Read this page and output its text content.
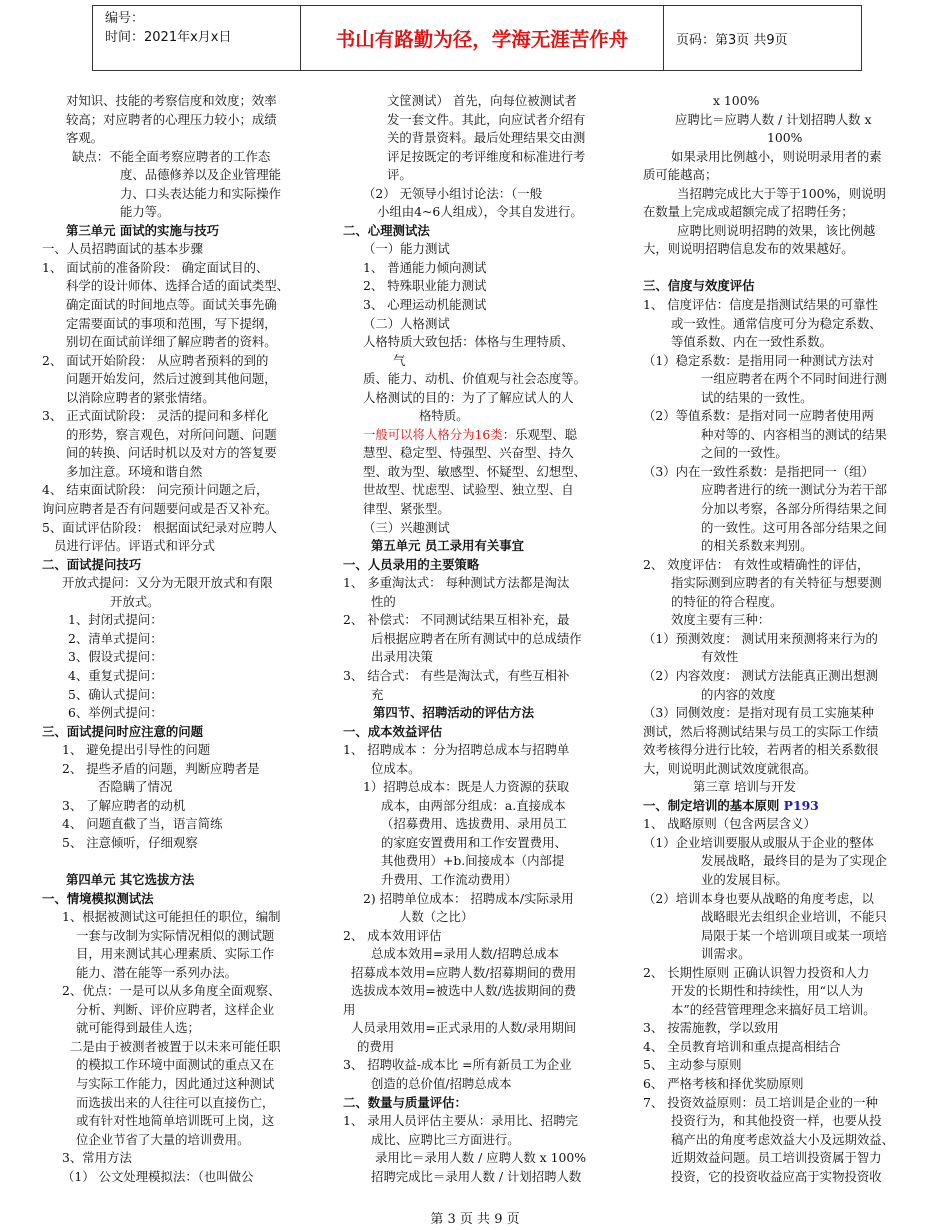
编号：
时间：2021年x月x日	书山有路勤为径，学海无涯苦作舟	页码：第3页 共9页
对知识、技能的考察信度和效度；效率
较高；对应聘者的心理压力较小；成绩
客观。
缺点：不能全面考察应聘者的工作态
度、品德修养以及企业管理能
力、口头表达能力和实际操作
能力等。
第三单元 面试的实施与技巧
一、人员招聘面试的基本步骤
1、 面试前的准备阶段： 确定面试目的、
科学的设计师体、选择合适的面试类型、
确定面试的时间地点等。面试关事先确
定需要面试的事项和范围，写下提纲，
别切在面试前详细了解应聘者的资料。
2、 面试开始阶段： 从应聘者预料的到的
问题开始发问，然后过渡到其他问题，
以消除应聘者的紧张情绪。
3、 正式面试阶段： 灵活的提问和多样化
的形势，察言观色，对所问问题、问题
间的转换、问话时机以及对方的答复要
多加注意。环境和谐自然
4、 结束面试阶段： 问完预计问题之后，
询问应聘者是否有问题要问或是否又补充。
5、面试评估阶段： 根据面试纪录对应聘人
员进行评估。评语式和评分式
二、面试提问技巧
开放式提问：又分为无限开放式和有限
开放式。
1、封闭式提问：
2、清单式提问：
3、假设式提问：
4、重复式提问：
5、确认式提问：
6、举例式提问：
三、面试提问时应注意的问题
1、 避免提出引导性的问题
2、 提些矛盾的问题，判断应聘者是
否隐瞒了情况
3、 了解应聘者的动机
4、 问题直截了当，语言简练
5、 注意倾听，仔细观察
第四单元 其它选拔方法
一、情境模拟测试法
1、根据被测试这可能担任的职位，编制
一套与改制为实际情况相似的测试题
目，用来测试其心理素质、实际工作
能力、潜在能等一系列办法。
2、优点：一是可以从多角度全面观察、
分析、判断、评价应聘者，这样企业
就可能得到最佳人选；
二是由于被测者被置于以未来可能任职
的模拟工作环境中面测试的重点又在
与实际工作能力，因此通过这种测试
而选拔出来的人往往可以直接伤亡，
或有针对性地简单培训既可上岗，这
位企业节省了大量的培训费用。
3、常用方法
（1） 公文处理模拟法：（也叫做公
文筐测试） 首先，向每位被测试者
发一套文件。其此，向应试者介绍有
关的背景资料。最后处理结果交由测
评足按既定的考评维度和标准进行考
评。
（2） 无领导小组讨论法：（一般
小组由4~6人组成），令其自发进行。
二、心理测试法
（一）能力测试
1、 普通能力倾向测试
2、 特殊职业能力测试
3、 心理运动机能测试
（二）人格测试
人格特质大致包括：体格与生理特质、
气
质、能力、动机、价值观与社会态度等。
人格测试的目的：为了了解应试人的人
格特质。
一般可以将人格分为16类：乐观型、聪
慧型、稳定型、恃强型、兴奋型、持久
型、敢为型、敏感型、怀疑型、幻想型、
世故型、忧虑型、试验型、独立型、自
律型、紧张型。
（三）兴趣测试
第五单元 员工录用有关事宜
一、人员录用的主要策略
1、 多重淘汰式： 每种测试方法都是淘汰
性的
2、 补偿式： 不同测试结果互相补充，最
后根据应聘者在所有测试中的总成绩作
出录用决策
3、 结合式： 有些是淘汰式，有些互相补
充
第四节、招聘活动的评估方法
一、成本效益评估
1、 招聘成本 ：分为招聘总成本与招聘单
位成本。
1）招聘总成本：既是人力资源的获取
成本，由两部分组成：a.直接成本
（招募费用、选拔费用、录用员工
的家庭安置费用和工作安置费用、
其他费用）+b.间接成本（内部提
升费用、工作流动费用）
2) 招聘单位成本： 招聘成本/实际录用
人数（之比）
2、 成本效用评估
总成本效用=录用人数/招聘总成本
招募成本效用=应聘人数/招募期间的费用
选拔成本效用=被选中人数/选拔期间的费
用
人员录用效用=正式录用的人数/录用期间
的费用
3、 招聘收益-成本比 =所有新员工为企业
创造的总价值/招聘总成本
二、数量与质量评估：
1、 录用人员评估主要从：录用比、招聘完
成比、应聘比三方面进行。
录用比＝录用人数 / 应聘人数 x 100%
招聘完成比＝录用人数 / 计划招聘人数
x 100%
应聘比＝应聘人数 / 计划招聘人数 x
100%
如果录用比例越小，则说明录用者的素
质可能越高；
当招聘完成比大于等于100%，则说明
在数量上完成或超额完成了招聘任务；
应聘比则说明招聘的效果，该比例越
大，则说明招聘信息发布的效果越好。
三、信度与效度评估
1、 信度评估：信度是指测试结果的可靠性
或一致性。通常信度可分为稳定系数、
等值系数、内在一致性系数。
（1）稳定系数：是指用同一种测试方法对
一组应聘者在两个不同时间进行测
试的结果的一致性。
（2）等值系数：是指对同一应聘者使用两
种对等的、内容相当的测试的结果
之间的一致性。
（3）内在一致性系数：是指把同一（组）
应聘者进行的统一测试分为若干部
分加以考察，各部分所得结果之间
的一致性。这可用各部分结果之间
的相关系数来判别。
2、 效度评估： 有效性或精确性的评估，
指实际测到应聘者的有关特征与想要测
的特征的符合程度。
效度主要有三种：
（1）预测效度： 测试用来预测将来行为的
有效性
（2）内容效度： 测试方法能真正测出想测
的内容的效度
（3）同侧效度：是指对现有员工实施某种
测试，然后将测试结果与员工的实际工作绩
效考核得分进行比较，若两者的相关系数很
大，则说明此测试效度就很高。
第三章 培训与开发
一、制定培训的基本原则 P193
1、 战略原则（包含两层含义）
（1）企业培训要服从或服从于企业的整体
发展战略，最终目的是为了实现企
业的发展目标。
（2）培训本身也要从战略的角度考虑，以
战略眼光去组织企业培训，不能只
局限于某一个培训项目或某一项培
训需求。
2、 长期性原则 正确认识智力投资和人力
开发的长期性和持续性，用“以人为
本”的经营管理理念来搞好员工培训。
3、 按需施教，学以致用
4、 全员教育培训和重点提高相结合
5、 主动参与原则
6、 严格考核和择优奖励原则
7、 投资效益原则：员工培训是企业的一种
投资行为，和其他投资一样，也要从投
稿产出的角度考虑效益大小及远期效益、
近期效益问题。员工培训投资属于智力
投资，它的投资收益应高于实物投资收
第 3 页 共 9 页
